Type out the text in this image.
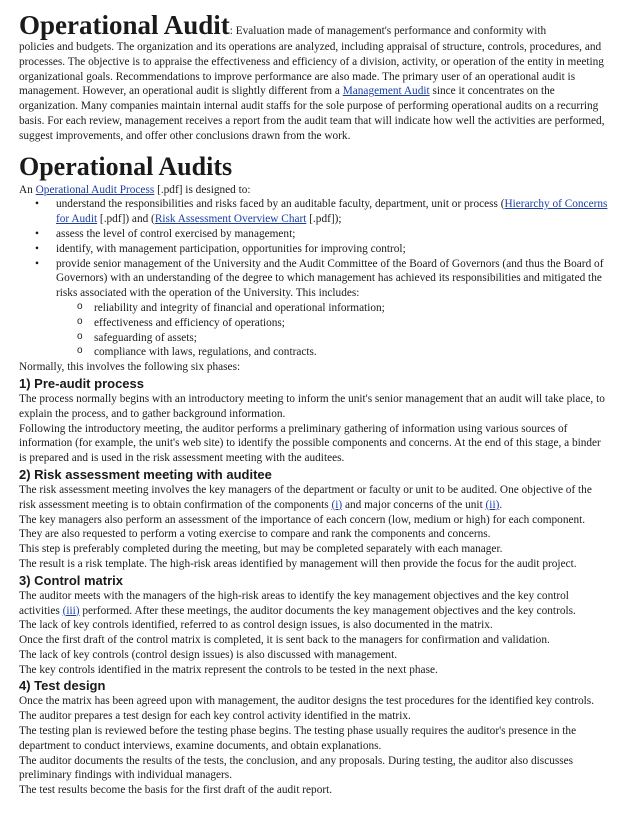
Operational Audit: Evaluation made of management's performance and conformity with
policies and budgets. The organization and its operations are analyzed, including appraisal of structure, controls, procedures, and processes. The objective is to appraise the effectiveness and efficiency of a division, activity, or operation of the entity in meeting organizational goals. Recommendations to improve performance are also made. The primary user of an operational audit is management. However, an operational audit is slightly different from a Management Audit since it concentrates on the organization. Many companies maintain internal audit staffs for the sole purpose of performing operational audits on a recurring basis. For each review, management receives a report from the audit team that will indicate how well the activities are performed, suggest improvements, and offer other conclusions drawn from the work.

Operational Audits

An Operational Audit Process [.pdf] is designed to:

• understand the responsibilities and risks faced by an auditable faculty, department, unit or process (Hierarchy of Concerns for Audit [.pdf]) and (Risk Assessment Overview Chart [.pdf]);
• assess the level of control exercised by management;
• identify, with management participation, opportunities for improving control;
• provide senior management of the University and the Audit Committee of the Board of Governors (and thus the Board of Governors) with an understanding of the degree to which management has achieved its responsibilities and mitigated the risks associated with the operation of the University. This includes:
o reliability and integrity of financial and operational information;
o effectiveness and efficiency of operations;
o safeguarding of assets;
o compliance with laws, regulations, and contracts.

Normally, this involves the following six phases:

1) Pre-audit process

The process normally begins with an introductory meeting to inform the unit's senior management that an audit will take place, to explain the process, and to gather background information.

Following the introductory meeting, the auditor performs a preliminary gathering of information using various sources of information (for example, the unit's web site) to identify the possible components and concerns. At the end of this stage, a binder is prepared and is used in the risk assessment meeting with the auditees.

2) Risk assessment meeting with auditee

The risk assessment meeting involves the key managers of the department or faculty or unit to be audited. One objective of the risk assessment meeting is to obtain confirmation of the components (i) and major concerns of the unit (ii).

The key managers also perform an assessment of the importance of each concern (low, medium or high) for each component. They are also requested to perform a voting exercise to compare and rank the components and concerns.

This step is preferably completed during the meeting, but may be completed separately with each manager.

The result is a risk template. The high-risk areas identified by management will then provide the focus for the audit project.

3) Control matrix

The auditor meets with the managers of the high-risk areas to identify the key management objectives and the key control activities (iii) performed. After these meetings, the auditor documents the key management objectives and the key controls.

The lack of key controls identified, referred to as control design issues, is also documented in the matrix.

Once the first draft of the control matrix is completed, it is sent back to the managers for confirmation and validation.

The lack of key controls (control design issues) is also discussed with management.

The key controls identified in the matrix represent the controls to be tested in the next phase.

4) Test design

Once the matrix has been agreed upon with management, the auditor designs the test procedures for the identified key controls. The auditor prepares a test design for each key control activity identified in the matrix.

The testing plan is reviewed before the testing phase begins. The testing phase usually requires the auditor's presence in the department to conduct interviews, examine documents, and obtain explanations.

The auditor documents the results of the tests, the conclusion, and any proposals. During testing, the auditor also discusses preliminary findings with individual managers.

The test results become the basis for the first draft of the audit report.
